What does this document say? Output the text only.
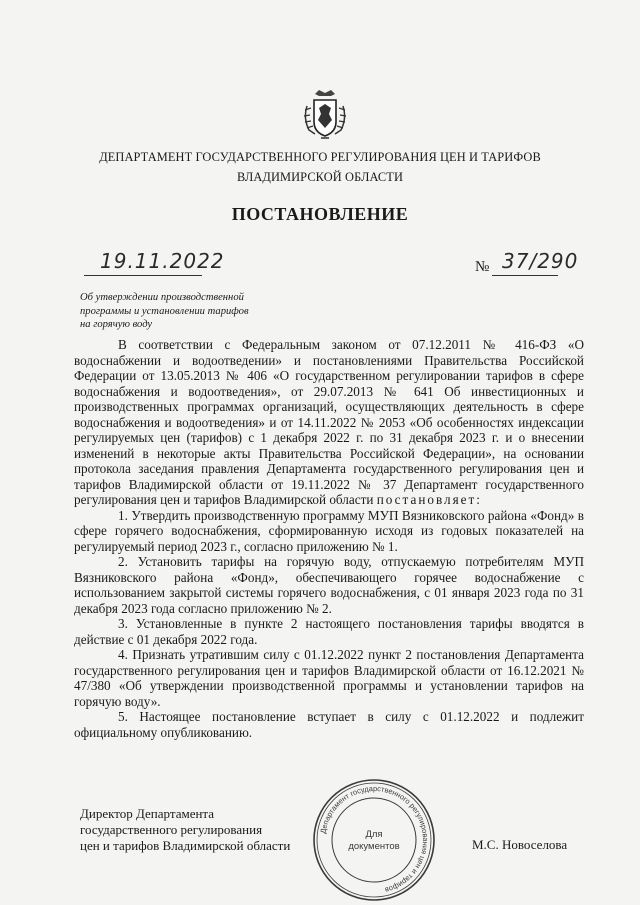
ДЕПАРТАМЕНТ ГОСУДАРСТВЕННОГО РЕГУЛИРОВАНИЯ ЦЕН И ТАРИФОВ
ВЛАДИМИРСКОЙ ОБЛАСТИ
ПОСТАНОВЛЕНИЕ
19.11.2022	№ 37/290
Об утверждении производственной
программы и установлении тарифов
на горячую воду

В соответствии с Федеральным законом от 07.12.2011 № 416-ФЗ «О водоснабжении и водоотведении» и постановлениями Правительства Российской Федерации от 13.05.2013 № 406 «О государственном регулировании тарифов в сфере водоснабжения и водоотведения», от 29.07.2013 № 641 Об инвестиционных и производственных программах организаций, осуществляющих деятельность в сфере водоснабжения и водоотведения» и от 14.11.2022 № 2053 «Об особенностях индексации регулируемых цен (тарифов) с 1 декабря 2022 г. по 31 декабря 2023 г. и о внесении изменений в некоторые акты Правительства Российской Федерации», на основании протокола заседания правления Департамента государственного регулирования цен и тарифов Владимирской области от 19.11.2022 № 37 Департамент государственного регулирования цен и тарифов Владимирской области постановляет:

1. Утвердить производственную программу МУП Вязниковского района «Фонд» в сфере горячего водоснабжения, сформированную исходя из годовых показателей на регулируемый период 2023 г., согласно приложению № 1.

2. Установить тарифы на горячую воду, отпускаемую потребителям МУП Вязниковского района «Фонд», обеспечивающего горячее водоснабжение с использованием закрытой системы горячего водоснабжения, с 01 января 2023 года по 31 декабря 2023 года согласно приложению № 2.

3. Установленные в пункте 2 настоящего постановления тарифы вводятся в действие с 01 декабря 2022 года.

4. Признать утратившим силу с 01.12.2022 пункт 2 постановления Департамента государственного регулирования цен и тарифов Владимирской области от 16.12.2021 № 47/380 «Об утверждении производственной программы и установлении тарифов на горячую воду».

5. Настоящее постановление вступает в силу с 01.12.2022 и подлежит официальному опубликованию.

Директор Департамента
государственного регулирования
цен и тарифов Владимирской области	М.С. Новоселова
Департамент государственного регулирования цен и тарифов
Для
документов
